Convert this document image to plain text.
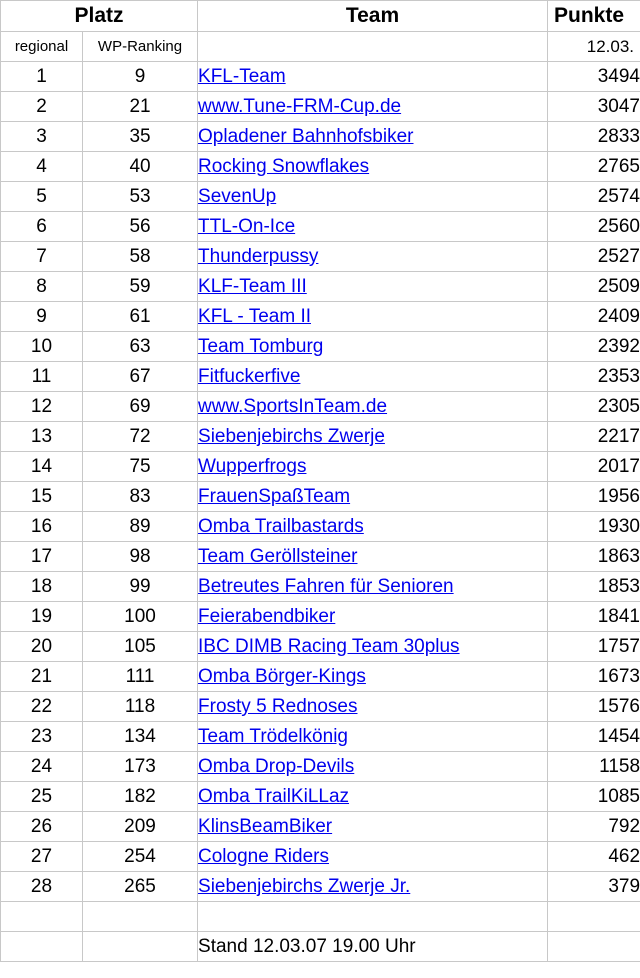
Platz		Team	Punkte
regional	WP-Ranking		12.03.
1	9	KFL-Team	3494
2	21	www.Tune-FRM-Cup.de	3047
3	35	Opladener Bahnhofsbiker	2833
4	40	Rocking Snowflakes	2765
5	53	SevenUp	2574
6	56	TTL-On-Ice	2560
7	58	Thunderpussy	2527
8	59	KLF-Team III	2509
9	61	KFL - Team II	2409
10	63	Team Tomburg	2392
11	67	Fitfuckerfive	2353
12	69	www.SportsInTeam.de	2305
13	72	Siebenjebirchs Zwerje	2217
14	75	Wupperfrogs	2017
15	83	FrauenSpaßTeam	1956
16	89	Omba Trailbastards	1930
17	98	Team Geröllsteiner	1863
18	99	Betreutes Fahren für Senioren	1853
19	100	Feierabendbiker	1841
20	105	IBC DIMB Racing Team 30plus	1757
21	111	Omba Börger-Kings	1673
22	118	Frosty 5 Rednoses	1576
23	134	Team Trödelkönig	1454
24	173	Omba Drop-Devils	1158
25	182	Omba TrailKiLLaz	1085
26	209	KlinsBeamBiker	792
27	254	Cologne Riders	462
28	265	Siebenjebirchs Zwerje Jr.	379

		Stand 12.03.07 19.00 Uhr	
